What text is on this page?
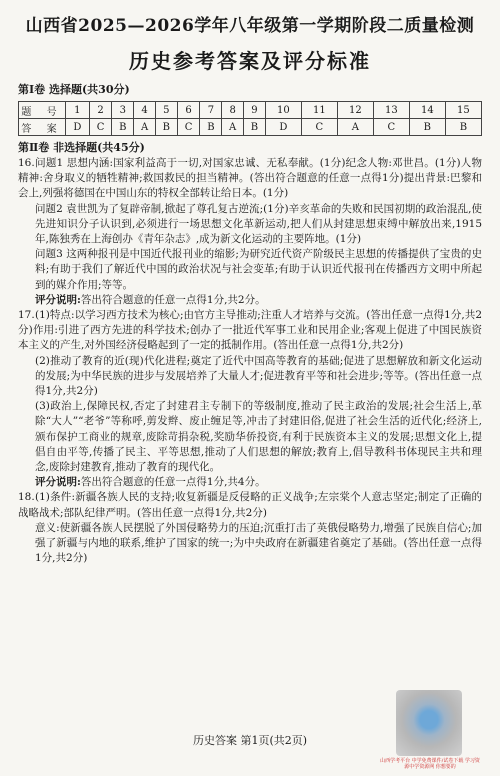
山西省2025—2026学年八年级第一学期阶段二质量检测
历史参考答案及评分标准

第Ⅰ卷 选择题(共30分)

题 号	1	2	3	4	5	6	7	8	9	10	11	12	13	14	15
答 案	D	C	B	A	B	C	B	A	B	D	C	A	C	B	B

第Ⅱ卷 非选择题(共45分)

16.问题1 思想内涵:国家利益高于一切,对国家忠诚、无私奉献。(1分)纪念人物:邓世昌。(1分)人物精神:舍身取义的牺牲精神;救国救民的担当精神。(答出符合题意的任意一点得1分)提出背景:巴黎和会上,列强将德国在中国山东的特权全部转让给日本。(1分)

问题2 袁世凯为了复辟帝制,掀起了尊孔复古逆流;(1分)辛亥革命的失败和民国初期的政治混乱,使先进知识分子认识到,必须进行一场思想文化革新运动,把人们从封建思想束缚中解放出来,1915年,陈独秀在上海创办《青年杂志》,成为新文化运动的主要阵地。(1分)

问题3 这两种报刊是中国近代报刊业的缩影;为研究近代资产阶级民主思想的传播提供了宝贵的史料;有助于我们了解近代中国的政治状况与社会变革;有助于认识近代报刊在传播西方文明中所起到的媒介作用;等等。

评分说明:答出符合题意的任意一点得1分,共2分。

17.(1)特点:以学习西方技术为核心;由官方主导推动;注重人才培养与交流。(答出任意一点得1分,共2分)作用:引进了西方先进的科学技术;创办了一批近代军事工业和民用企业;客观上促进了中国民族资本主义的产生,对外国经济侵略起到了一定的抵制作用。(答出任意一点得1分,共2分)

(2)推动了教育的近(现)代化进程;奠定了近代中国高等教育的基础;促进了思想解放和新文化运动的发展;为中华民族的进步与发展培养了大量人才;促进教育平等和社会进步;等等。(答出任意一点得1分,共2分)

(3)政治上,保障民权,否定了封建君主专制下的等级制度,推动了民主政治的发展;社会生活上,革除“大人”“老爷”等称呼,剪发辫、废止缠足等,冲击了封建旧俗,促进了社会生活的近代化;经济上,颁布保护工商业的规章,废除苛捐杂税,奖励华侨投资,有利于民族资本主义的发展;思想文化上,提倡自由平等,传播了民主、平等思想,推动了人们思想的解放;教育上,倡导教科书体现民主共和理念,废除封建教育,推动了教育的现代化。

评分说明:答出符合题意的任意一点得1分,共4分。

18.(1)条件:新疆各族人民的支持;收复新疆是反侵略的正义战争;左宗棠个人意志坚定;制定了正确的战略战术;部队纪律严明。(答出任意一点得1分,共2分)

意义:使新疆各族人民摆脱了外国侵略势力的压迫;沉重打击了英俄侵略势力,增强了民族自信心;加强了新疆与内地的联系,维护了国家的统一;为中央政府在新疆建省奠定了基础。(答出任意一点得1分,共2分)

历史答案 第1页(共2页)
山西学考平台 中学免费课件/试卷下载 学习资源中学资源网 你想要的
